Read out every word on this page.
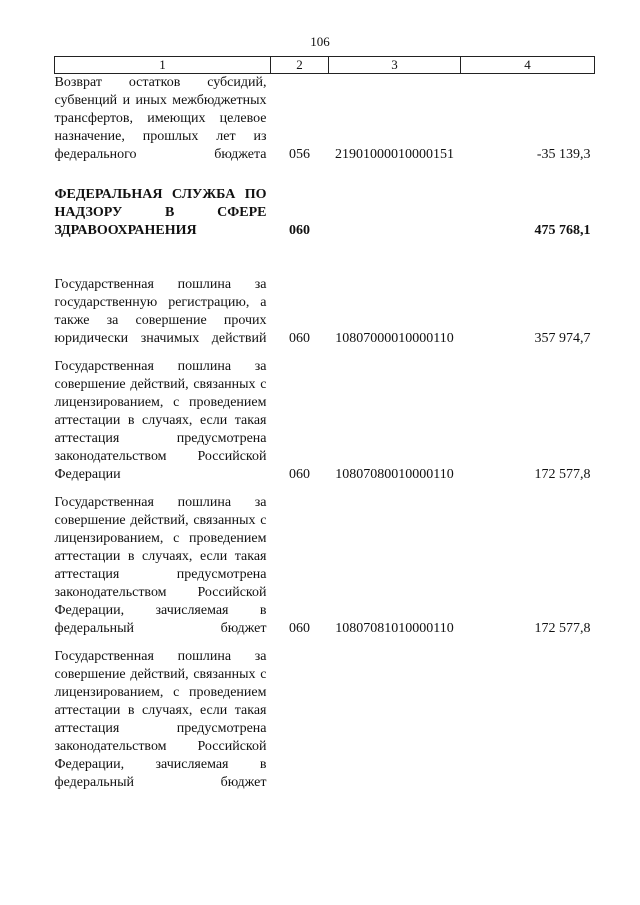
106
1	2	3	4
Возврат остатков субсидий, субвенций и иных межбюджетных трансфертов, имеющих целевое назначение, прошлых лет из федерального бюджета	056	21901000010000151	-35 139,3
ФЕДЕРАЛЬНАЯ СЛУЖБА ПО НАДЗОРУ В СФЕРЕ ЗДРАВООХРАНЕНИЯ	060		475 768,1
Государственная пошлина за государственную регистрацию, а также за совершение прочих юридически значимых действий	060	10807000010000110	357 974,7
Государственная пошлина за совершение действий, связанных с лицензированием, с проведением аттестации в случаях, если такая аттестация предусмотрена законодательством Российской Федерации	060	10807080010000110	172 577,8
Государственная пошлина за совершение действий, связанных с лицензированием, с проведением аттестации в случаях, если такая аттестация предусмотрена законодательством Российской Федерации, зачисляемая в федеральный бюджет	060	10807081010000110	172 577,8
Государственная пошлина за совершение действий, связанных с лицензированием, с проведением аттестации в случаях, если такая аттестация предусмотрена законодательством Российской Федерации, зачисляемая в федеральный бюджет			
